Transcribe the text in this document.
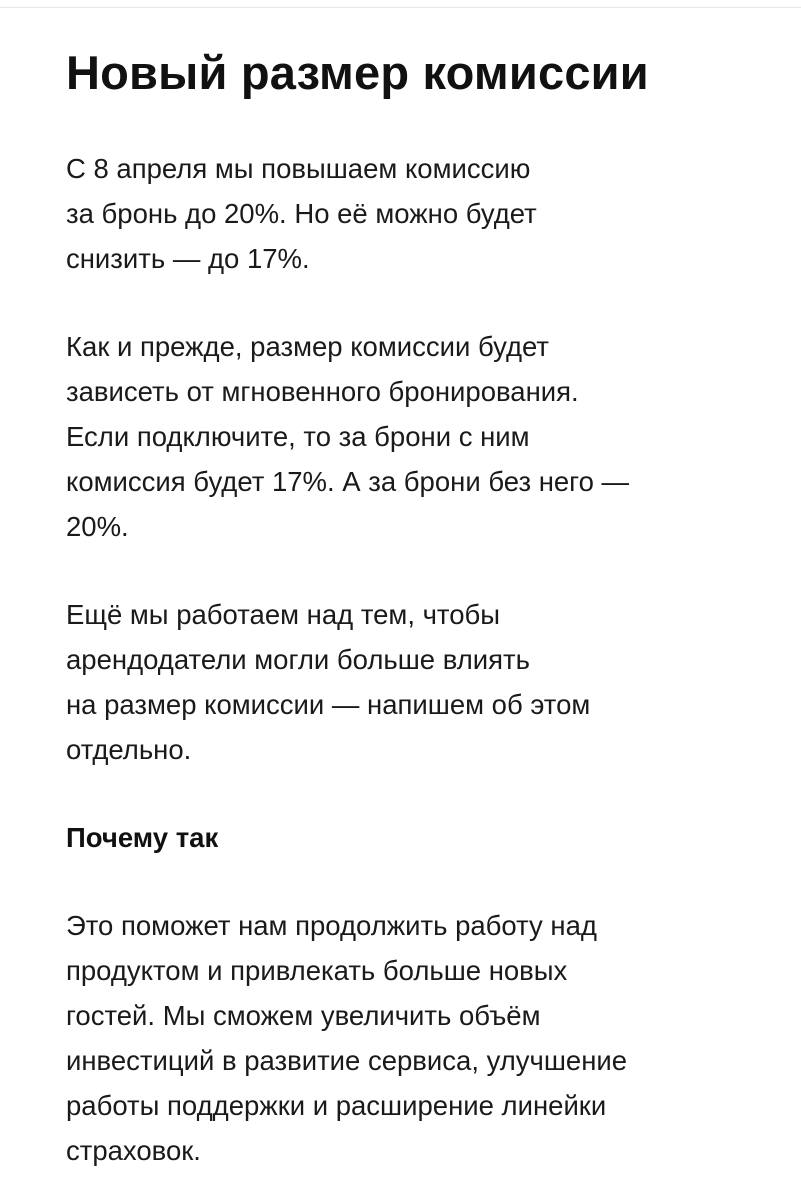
Новый размер комиссии

С 8 апреля мы повышаем комиссию
за бронь до 20%. Но её можно будет
снизить — до 17%.

Как и прежде, размер комиссии будет
зависеть от мгновенного бронирования.
Если подключите, то за брони с ним
комиссия будет 17%. А за брони без него —
20%.

Ещё мы работаем над тем, чтобы
арендодатели могли больше влиять
на размер комиссии — напишем об этом
отдельно.

Почему так

Это поможет нам продолжить работу над
продуктом и привлекать больше новых
гостей. Мы сможем увеличить объём
инвестиций в развитие сервиса, улучшение
работы поддержки и расширение линейки
страховок.
